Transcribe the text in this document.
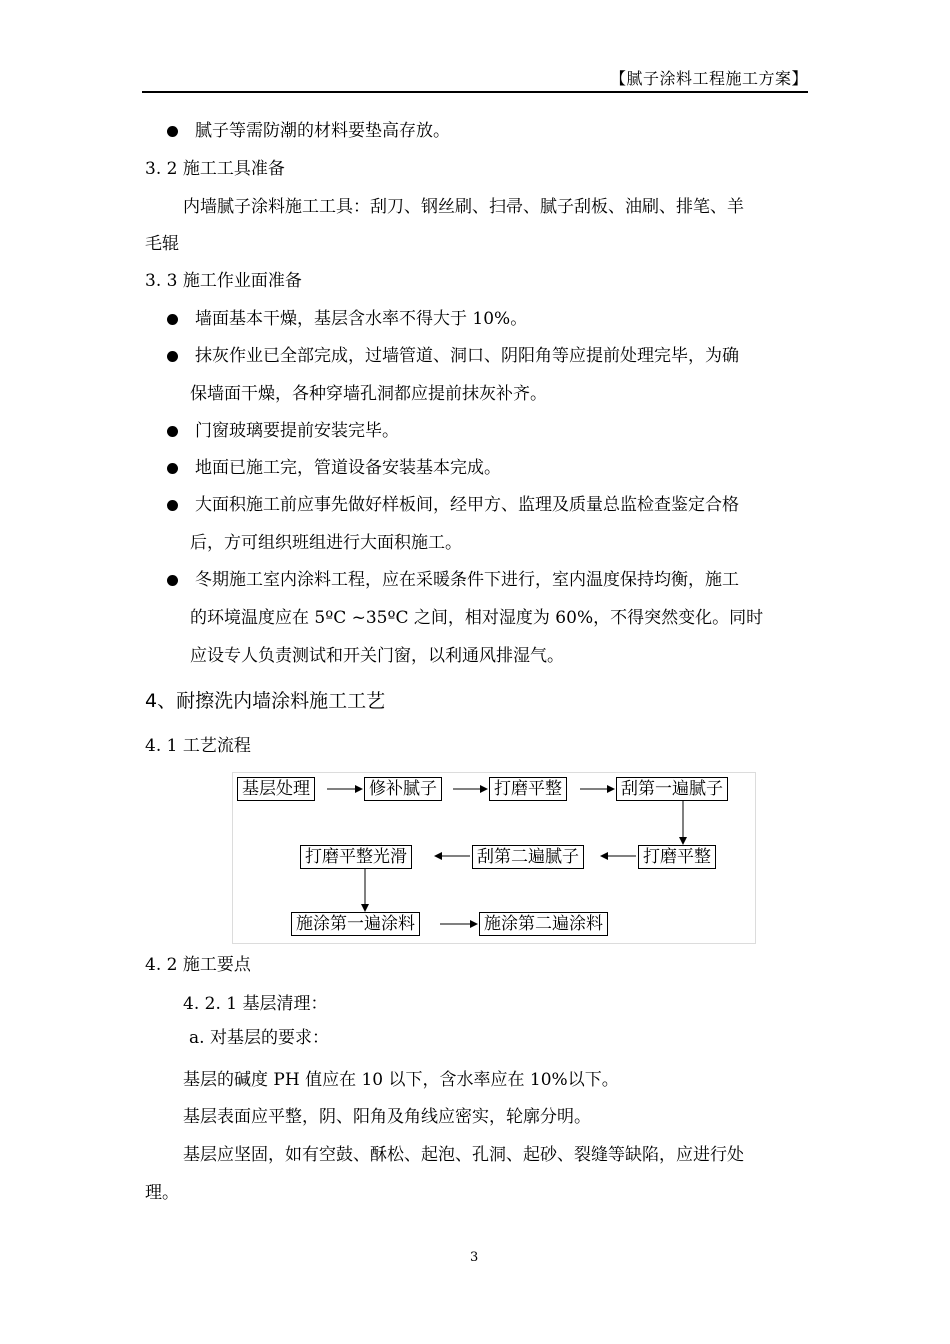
【腻子涂料工程施工方案】
腻子等需防潮的材料要垫高存放。
3. 2 施工工具准备
内墙腻子涂料施工工具：刮刀、钢丝刷、扫帚、腻子刮板、油刷、排笔、羊
毛辊
3. 3 施工作业面准备
墙面基本干燥，基层含水率不得大于 10%。
抹灰作业已全部完成，过墙管道、洞口、阴阳角等应提前处理完毕，为确
保墙面干燥，各种穿墙孔洞都应提前抹灰补齐。
门窗玻璃要提前安装完毕。
地面已施工完，管道设备安装基本完成。
大面积施工前应事先做好样板间，经甲方、监理及质量总监检查鉴定合格
后，方可组织班组进行大面积施工。
冬期施工室内涂料工程，应在采暖条件下进行，室内温度保持均衡，施工
的环境温度应在 5ºC ~35ºC 之间，相对湿度为 60%，不得突然变化。同时
应设专人负责测试和开关门窗，以利通风排湿气。
4、耐擦洗内墙涂料施工工艺
4. 1 工艺流程
基层处理	修补腻子	打磨平整	刮第一遍腻子
打磨平整
刮第二遍腻子
打磨平整光滑
施涂第一遍涂料	施涂第二遍涂料
4. 2 施工要点
4. 2. 1 基层清理：
a. 对基层的要求：
基层的碱度 PH 值应在 10 以下，含水率应在 10%以下。
基层表面应平整，阴、阳角及角线应密实，轮廓分明。
基层应坚固，如有空鼓、酥松、起泡、孔洞、起砂、裂缝等缺陷，应进行处
理。
3
